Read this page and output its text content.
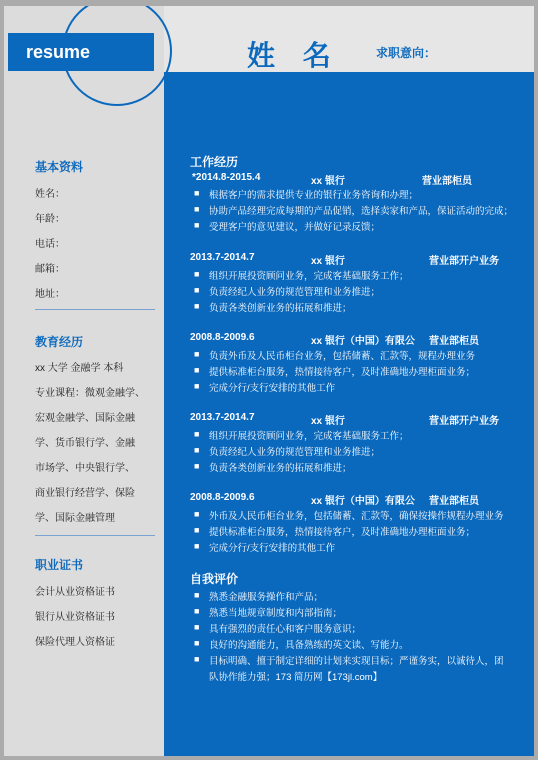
resume	姓 名	求职意向：
基本资料
姓名：
年龄：
电话：
邮箱：
地址：
教育经历
xx 大学 金融学 本科
专业课程：微观金融学、
宏观金融学、国际金融
学、货币银行学、金融
市场学、中央银行学、
商业银行经营学、保险
学、国际金融管理
职业证书
会计从业资格证书
银行从业资格证书
保险代理人资格证
工作经历
*2014.8-2015.4	xx 银行	营业部柜员
■ 根据客户的需求提供专业的银行业务咨询和办理；
■ 协助产品经理完成每期的产品促销，选择卖家和产品，保证活动的完成；
■ 受理客户的意见建议，并做好记录反馈；
2013.7-2014.7	xx 银行	营业部开户业务
■ 组织开展投资顾问业务，完成客基础服务工作；
■ 负责经纪人业务的规范管理和业务推进；
■ 负责各类创新业务的拓展和推进；
2008.8-2009.6	xx 银行（中国）有限公 营业部柜员
■ 负责外币及人民币柜台业务，包括储蓄、汇款等，规程办理业务
■ 提供标准柜台服务，热情接待客户，及时准确地办理柜面业务；
■ 完成分行/支行安排的其他工作
2013.7-2014.7	xx 银行	营业部开户业务
■ 组织开展投资顾问业务，完成客基础服务工作；
■ 负责经纪人业务的规范管理和业务推进；
■ 负责各类创新业务的拓展和推进；
2008.8-2009.6	xx 银行（中国）有限公 营业部柜员
■ 外币及人民币柜台业务，包括储蓄、汇款等，确保按操作规程办理业务
■ 提供标准柜台服务，热情接待客户，及时准确地办理柜面业务；
■ 完成分行/支行安排的其他工作
自我评价
■ 熟悉金融服务操作和产品；
■ 熟悉当地规章制度和内部指南；
■ 具有强烈的责任心和客户服务意识；
■ 良好的沟通能力，具备熟练的英文读、写能力。
■ 目标明确、擅于制定详细的计划来实现目标；严谨务实，以诚待人，团
队协作能力强；173 简历网【173jl.com】
